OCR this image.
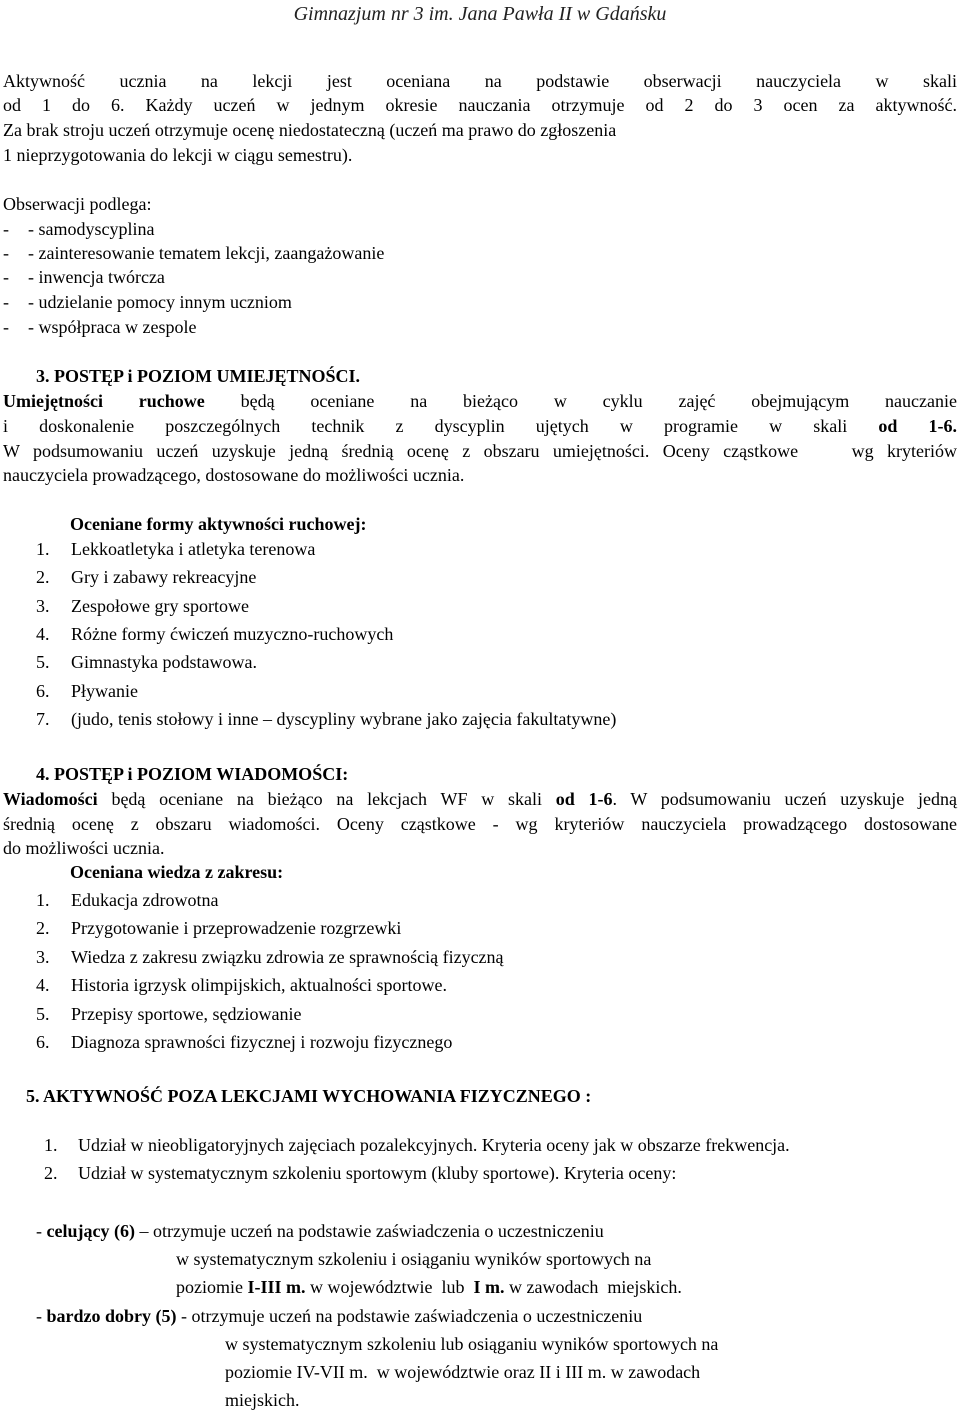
Gimnazjum nr 3 im. Jana Pawła II w Gdańsku
Aktywność ucznia na lekcji jest oceniana na podstawie obserwacji nauczyciela w skali
od 1 do 6. Każdy uczeń w jednym okresie nauczania otrzymuje od 2 do 3 ocen za aktywność.
Za brak stroju uczeń otrzymuje ocenę niedostateczną (uczeń ma prawo do zgłoszenia
1 nieprzygotowania do lekcji w ciągu semestru).
Obserwacji podlega:
- - samodyscyplina
- - zainteresowanie tematem lekcji, zaangażowanie
- - inwencja twórcza
- - udzielanie pomocy innym uczniom
- - współpraca w zespole
3. POSTĘP i POZIOM UMIEJĘTNOŚCI.
Umiejętności ruchowe będą oceniane na bieżąco w cyklu zajęć obejmującym nauczanie
i doskonalenie poszczególnych technik z dyscyplin ujętych w programie w skali od 1-6.
W podsumowaniu uczeń uzyskuje jedną średnią ocenę z obszaru umiejętności. Oceny cząstkowe    wg kryteriów
nauczyciela prowadzącego, dostosowane do możliwości ucznia.
Oceniane formy aktywności ruchowej:
1. Lekkoatletyka i atletyka terenowa
2. Gry i zabawy rekreacyjne
3. Zespołowe gry sportowe
4. Różne formy ćwiczeń muzyczno-ruchowych
5. Gimnastyka podstawowa.
6. Pływanie
7. (judo, tenis stołowy i inne – dyscypliny wybrane jako zajęcia fakultatywne)
4. POSTĘP i POZIOM WIADOMOŚCI:
Wiadomości będą oceniane na bieżąco na lekcjach WF w skali od 1-6. W podsumowaniu uczeń uzyskuje jedną
średnią ocenę z obszaru wiadomości. Oceny cząstkowe - wg kryteriów nauczyciela prowadzącego dostosowane
do możliwości ucznia.
Oceniana wiedza z zakresu:
1. Edukacja zdrowotna
2. Przygotowanie i przeprowadzenie rozgrzewki
3. Wiedza z zakresu związku zdrowia ze sprawnością fizyczną
4. Historia igrzysk olimpijskich, aktualności sportowe.
5. Przepisy sportowe, sędziowanie
6. Diagnoza sprawności fizycznej i rozwoju fizycznego
5. AKTYWNOŚĆ POZA LEKCJAMI WYCHOWANIA FIZYCZNEGO :
1. Udział w nieobligatoryjnych zajęciach pozalekcyjnych. Kryteria oceny jak w obszarze frekwencja.
2. Udział w systematycznym szkoleniu sportowym (kluby sportowe). Kryteria oceny:
- celujący (6) – otrzymuje uczeń na podstawie zaświadczenia o uczestniczeniu
w systematycznym szkoleniu i osiąganiu wyników sportowych na
poziomie I-III m. w województwie  lub  I m. w zawodach  miejskich.
- bardzo dobry (5) - otrzymuje uczeń na podstawie zaświadczenia o uczestniczeniu
w systematycznym szkoleniu lub osiąganiu wyników sportowych na
poziomie IV-VII m.  w województwie oraz II i III m. w zawodach
miejskich.
